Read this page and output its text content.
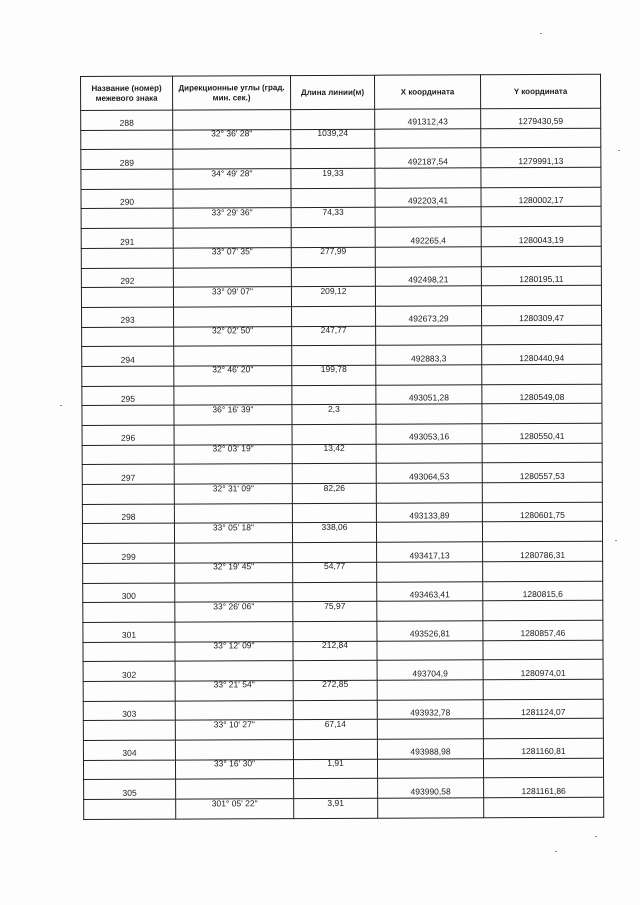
Название (номер) межевого знака	Дирекционные углы (град. мин. сек.)	Длина линии(м)	X координата	Y координата
288			491312,43	1279430,59
	32° 36' 28"	1039,24		
289			492187,54	1279991,13
	34° 49' 28"	19,33		
290			492203,41	1280002,17
	33° 29' 36"	74,33		
291			492265,4	1280043,19
	33° 07' 35"	277,99		
292			492498,21	1280195,11
	33° 09' 07"	209,12		
293			492673,29	1280309,47
	32° 02' 50"	247,77		
294			492883,3	1280440,94
	32° 46' 20"	199,78		
295			493051,28	1280549,08
	36° 16' 39"	2,3		
296			493053,16	1280550,41
	32° 03' 19"	13,42		
297			493064,53	1280557,53
	32° 31' 09"	82,26		
298			493133,89	1280601,75
	33° 05' 18"	338,06		
299			493417,13	1280786,31
	32° 19' 45"	54,77		
300			493463,41	1280815,6
	33° 26' 06"	75,97		
301			493526,81	1280857,46
	33° 12' 09"	212,84		
302			493704,9	1280974,01
	33° 21' 54"	272,85		
303			493932,78	1281124,07
	33° 10' 27"	67,14		
304			493988,98	1281160,81
	33° 16' 30"	1,91		
305			493990,58	1281161,86
	301° 05' 22"	3,91		
